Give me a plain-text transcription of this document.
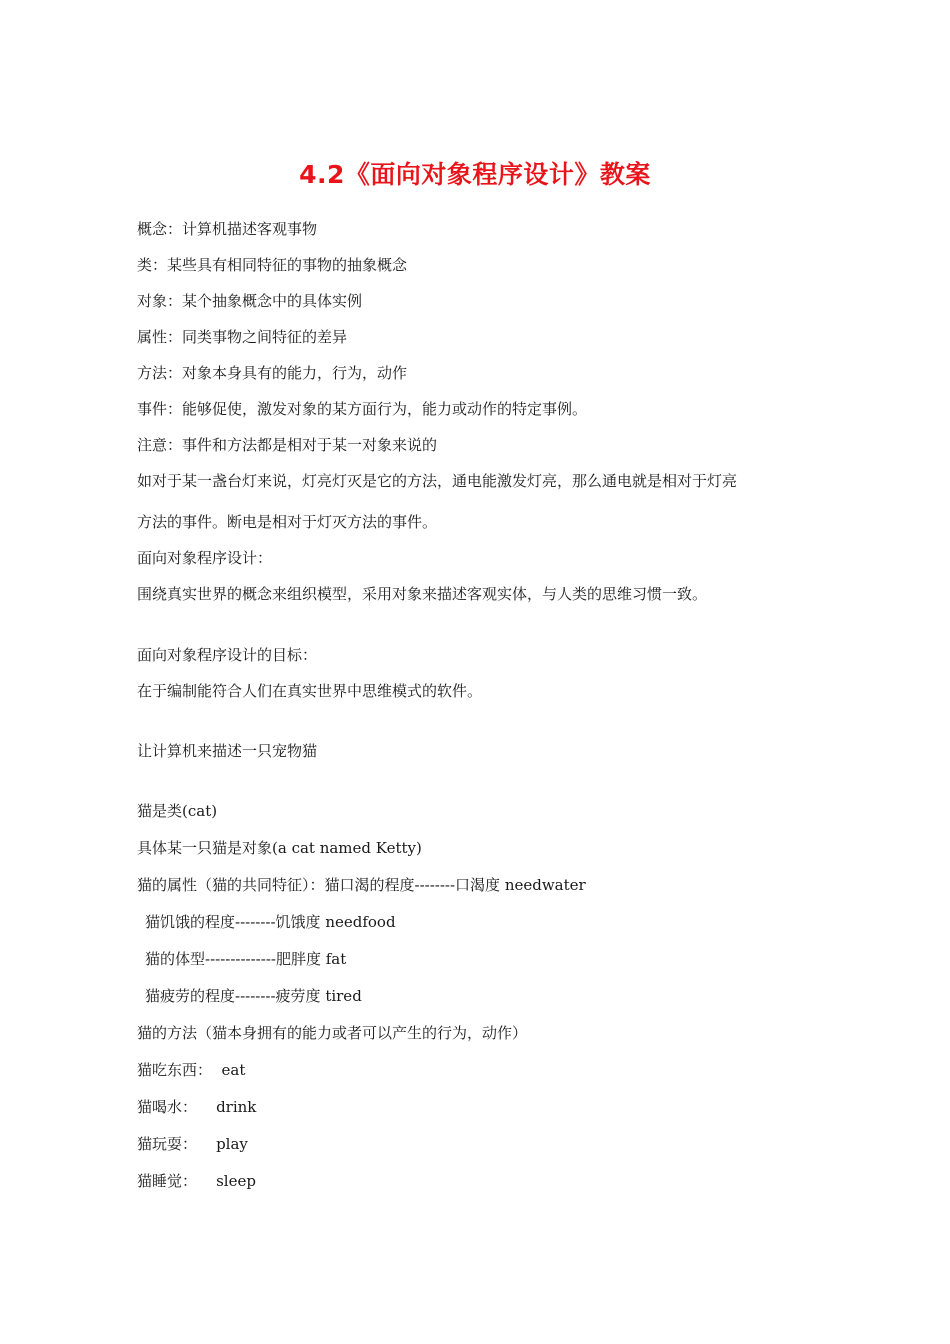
4.2《面向对象程序设计》教案
概念：计算机描述客观事物
类：某些具有相同特征的事物的抽象概念
对象：某个抽象概念中的具体实例
属性：同类事物之间特征的差异
方法：对象本身具有的能力，行为，动作
事件：能够促使，激发对象的某方面行为，能力或动作的特定事例。
注意：事件和方法都是相对于某一对象来说的
如对于某一盏台灯来说，灯亮灯灭是它的方法，通电能激发灯亮，那么通电就是相对于灯亮
方法的事件。断电是相对于灯灭方法的事件。
面向对象程序设计：
围绕真实世界的概念来组织模型，采用对象来描述客观实体，与人类的思维习惯一致。
面向对象程序设计的目标：
在于编制能符合人们在真实世界中思维模式的软件。
让计算机来描述一只宠物猫
猫是类(cat)
具体某一只猫是对象(a cat named Ketty)
猫的属性（猫的共同特征）：猫口渴的程度--------口渴度 needwater
猫饥饿的程度--------饥饿度 needfood
猫的体型--------------肥胖度 fat
猫疲劳的程度--------疲劳度 tired
猫的方法（猫本身拥有的能力或者可以产生的行为，动作）
猫吃东西：  eat
猫喝水：    drink
猫玩耍：    play
猫睡觉：    sleep
